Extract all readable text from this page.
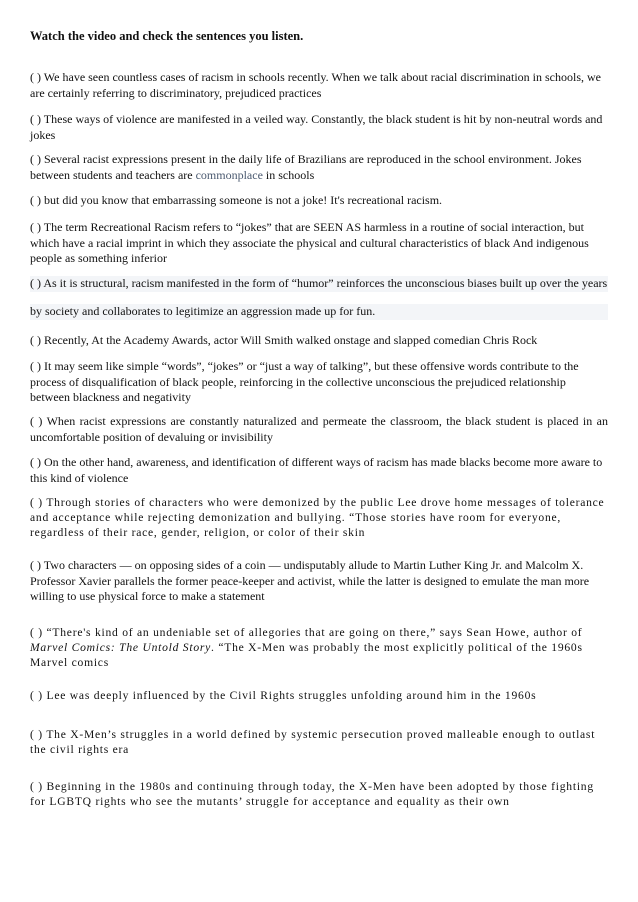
Watch the video and check the sentences you listen.

( ) We have seen countless cases of racism in schools recently. When we talk about racial discrimination in schools, we are certainly referring to discriminatory, prejudiced practices

( ) These ways of violence are manifested in a veiled way. Constantly, the black student is hit by non-neutral words and jokes

( ) Several racist expressions present in the daily life of Brazilians are reproduced in the school environment. Jokes between students and teachers are commonplace in schools

( ) but did you know that embarrassing someone is not a joke! It's recreational racism.

( ) The term Recreational Racism refers to “jokes” that are SEEN AS harmless in a routine of social interaction, but which have a racial imprint in which they associate the physical and cultural characteristics of black And indigenous people as something inferior

( ) As it is structural, racism manifested in the form of “humor” reinforces the unconscious biases built up over the years

by society and collaborates to legitimize an aggression made up for fun.

( ) Recently, At the Academy Awards, actor Will Smith walked onstage and slapped comedian Chris Rock

( ) It may seem like simple “words”, “jokes” or “just a way of talking”, but these offensive words contribute to the process of disqualification of black people, reinforcing in the collective unconscious the prejudiced relationship between blackness and negativity

( ) When racist expressions are constantly naturalized and permeate the classroom, the black student is placed in an uncomfortable position of devaluing or invisibility

( ) On the other hand, awareness, and identification of different ways of racism has made blacks become more aware to this kind of violence

( ) Through stories of characters who were demonized by the public Lee drove home messages of tolerance and acceptance while rejecting demonization and bullying. “Those stories have room for everyone, regardless of their race, gender, religion, or color of their skin

( ) Two characters — on opposing sides of a coin — undisputably allude to Martin Luther King Jr. and Malcolm X. Professor Xavier parallels the former peace-keeper and activist, while the latter is designed to emulate the man more willing to use physical force to make a statement

( ) “There's kind of an undeniable set of allegories that are going on there,” says Sean Howe, author of Marvel Comics: The Untold Story. “The X-Men was probably the most explicitly political of the 1960s Marvel comics

( ) Lee was deeply influenced by the Civil Rights struggles unfolding around him in the 1960s

( ) The X-Men’s struggles in a world defined by systemic persecution proved malleable enough to outlast the civil rights era

( ) Beginning in the 1980s and continuing through today, the X-Men have been adopted by those fighting for LGBTQ rights who see the mutants’ struggle for acceptance and equality as their own
